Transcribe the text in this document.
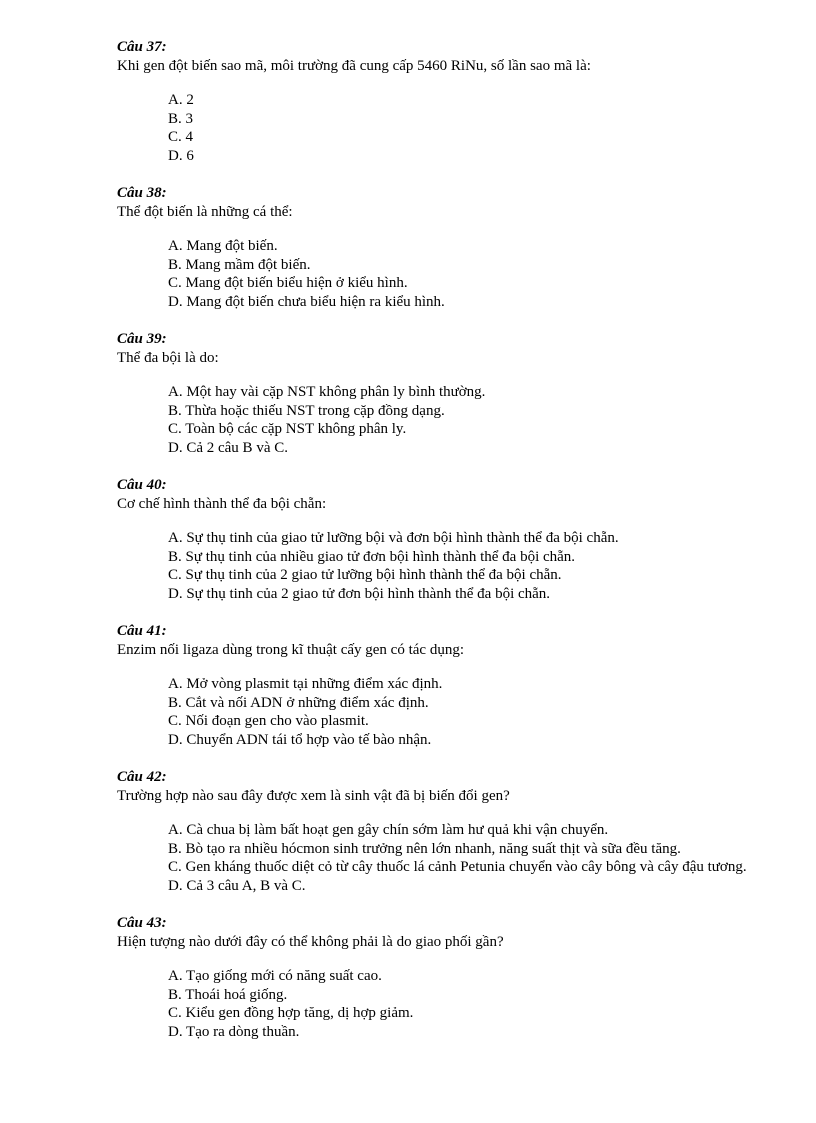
Câu 37:
Khi gen đột biến sao mã, môi trường đã cung cấp 5460 RiNu, số lần sao mã là:
A. 2
B. 3
C. 4
D. 6
Câu 38:
Thể đột biến là những cá thể:
A. Mang đột biến.
B. Mang mầm đột biến.
C. Mang đột biến biểu hiện ở kiểu hình.
D. Mang đột biến chưa biểu hiện ra kiểu hình.
Câu 39:
Thể đa bội là do:
A. Một hay vài cặp NST không phân ly bình thường.
B. Thừa hoặc thiếu NST trong cặp đồng dạng.
C. Toàn bộ các cặp NST không phân ly.
D. Cả 2 câu B và C.
Câu 40:
Cơ chế hình thành thể đa bội chẵn:
A. Sự thụ tinh của giao tử lưỡng bội và đơn bội hình thành thể đa bội chẵn.
B. Sự thụ tinh của nhiều giao tử đơn bội hình thành thể đa bội chẵn.
C. Sự thụ tinh của 2 giao tử lưỡng bội hình thành thể đa bội chẵn.
D. Sự thụ tinh của 2 giao tử đơn bội hình thành thể đa bội chẵn.
Câu 41:
Enzim nối ligaza dùng trong kĩ thuật cấy gen có tác dụng:
A. Mở vòng plasmit tại những điểm xác định.
B. Cắt và nối ADN ở những điểm xác định.
C. Nối đoạn gen cho vào plasmit.
D. Chuyển ADN tái tổ hợp vào tế bào nhận.
Câu 42:
Trường hợp nào sau đây được xem là sinh vật đã bị biến đổi gen?
A. Cà chua bị làm bất hoạt gen gây chín sớm làm hư quả khi vận chuyển.
B. Bò tạo ra nhiều hócmon sinh trưởng nên lớn nhanh, năng suất thịt và sữa đều tăng.
C. Gen kháng thuốc diệt cỏ từ cây thuốc lá cảnh Petunia chuyển vào cây bông và cây đậu tương.
D. Cả 3 câu A, B và C.
Câu 43:
Hiện tượng nào dưới đây có thể không phải là do giao phối gần?
A. Tạo giống mới có năng suất cao.
B. Thoái hoá giống.
C. Kiểu gen đồng hợp tăng, dị hợp giảm.
D. Tạo ra dòng thuần.
